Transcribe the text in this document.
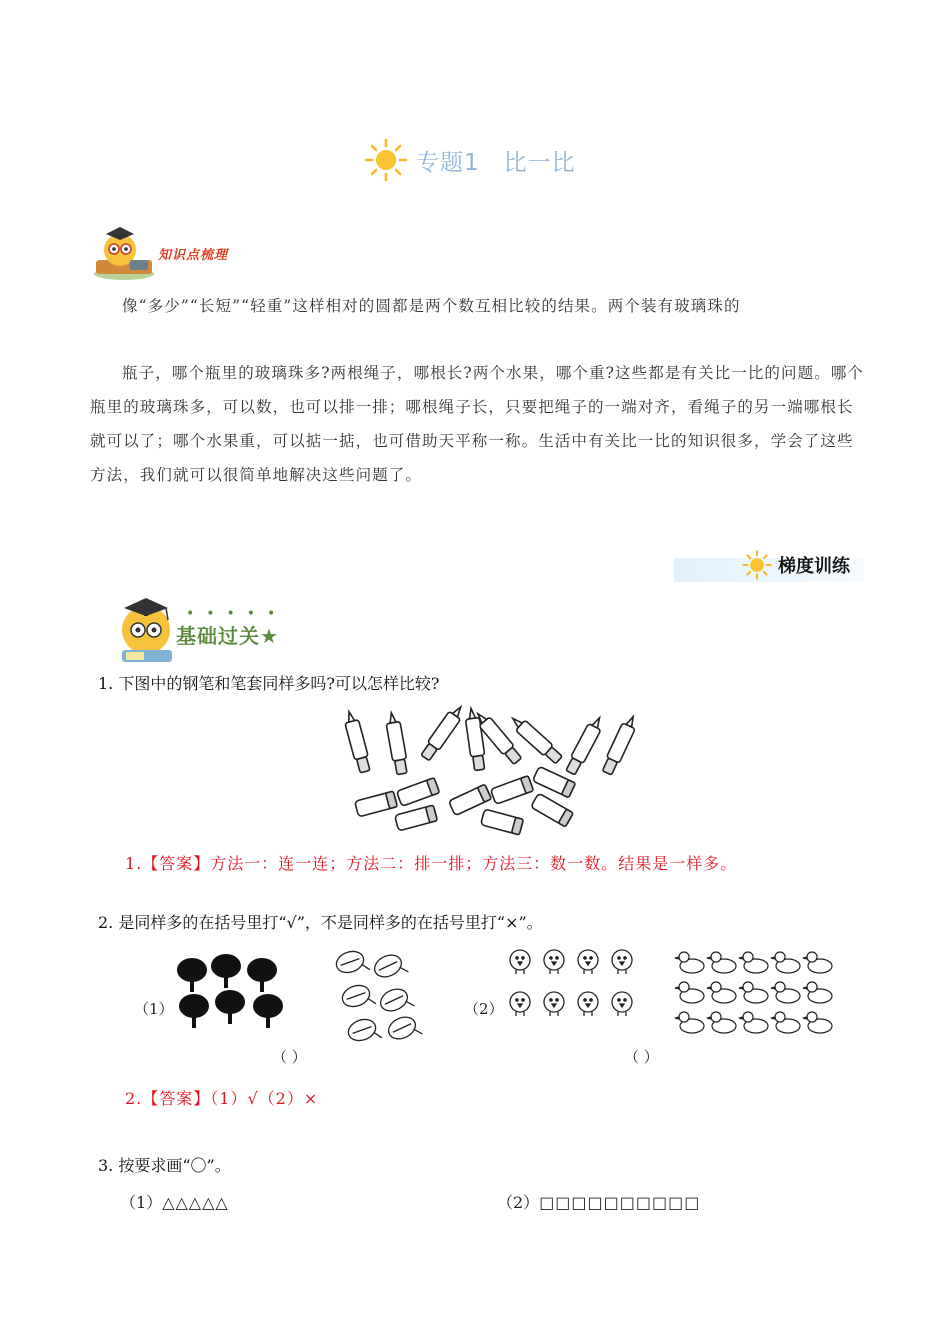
专题1 比一比
知识点梳理
像“多少”“长短”“轻重”这样相对的圆都是两个数互相比较的结果。两个装有玻璃珠的
瓶子，哪个瓶里的玻璃珠多?两根绳子，哪根长?两个水果，哪个重?这些都是有关比一比的问题。哪个瓶里的玻璃珠多，可以数，也可以排一排；哪根绳子长，只要把绳子的一端对齐，看绳子的另一端哪根长就可以了；哪个水果重，可以掂一掂，也可借助天平称一称。生活中有关比一比的知识很多，学会了这些方法，我们就可以很简单地解决这些问题了。
梯度训练
•••••
基础过关★
1. 下图中的钢笔和笔套同样多吗?可以怎样比较?
1.【答案】方法一：连一连；方法二：排一排；方法三：数一数。结果是一样多。
2. 是同样多的在括号里打“√”，不是同样多的在括号里打“×”。
（1）	（2）
（ ）	（ ）
2.【答案】（1）√（2）×
3. 按要求画“〇”。
（1）△△△△△	（2）□□□□□□□□□□
